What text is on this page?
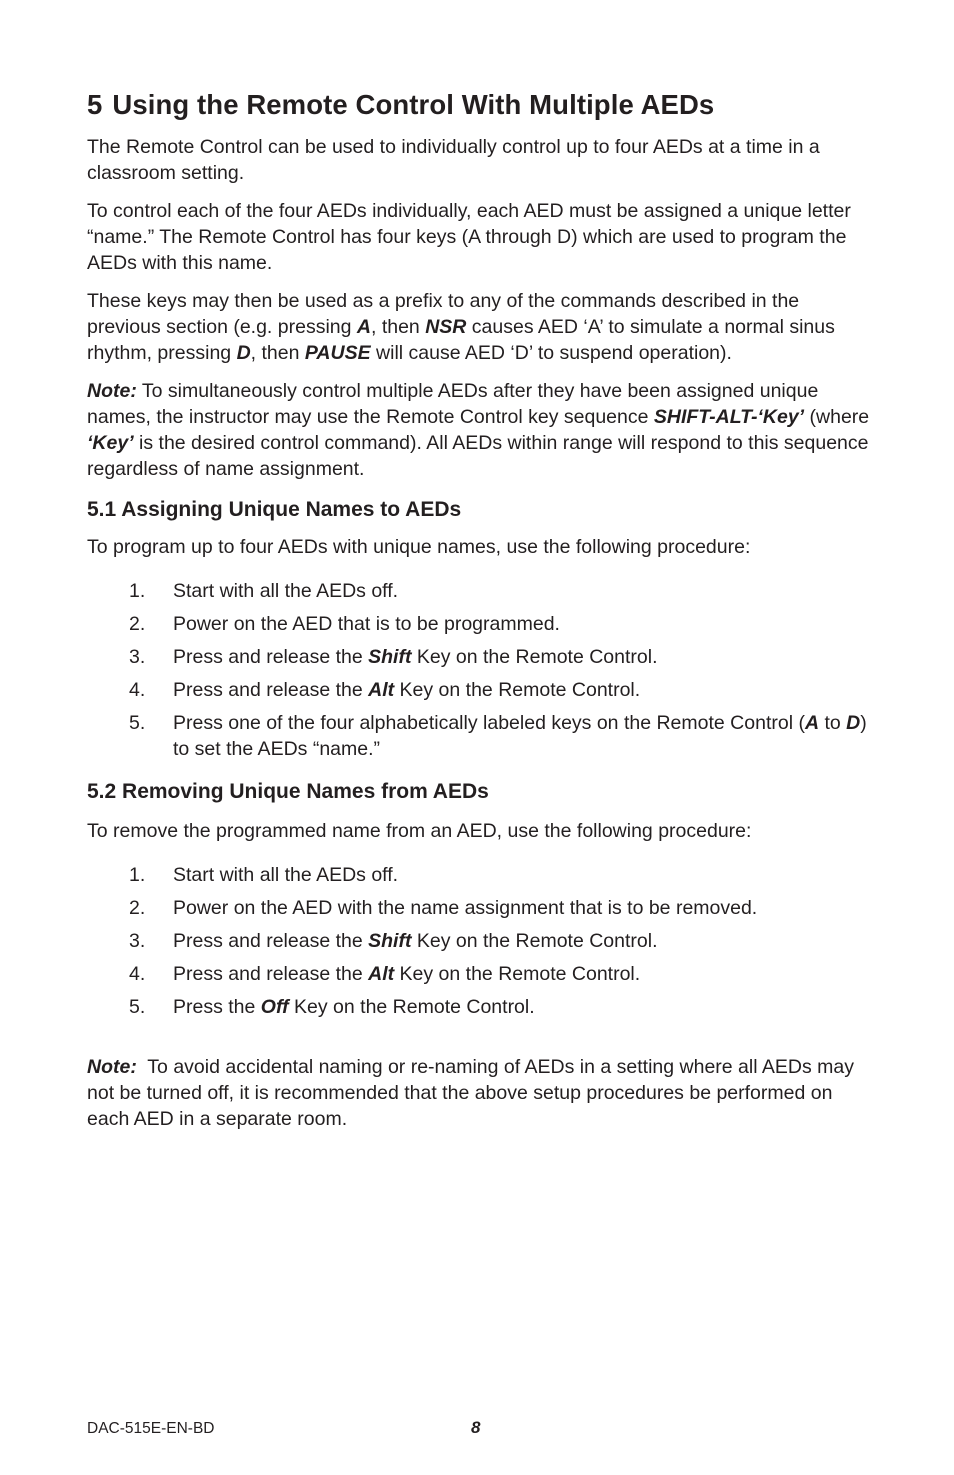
5 Using the Remote Control With Multiple AEDs

The Remote Control can be used to individually control up to four AEDs at a time in a classroom setting.

To control each of the four AEDs individually, each AED must be assigned a unique letter “name.” The Remote Control has four keys (A through D) which are used to program the AEDs with this name.

These keys may then be used as a prefix to any of the commands described in the previous section (e.g. pressing A, then NSR causes AED ‘A’ to simulate a normal sinus rhythm, pressing D, then PAUSE will cause AED ‘D’ to suspend operation).

Note: To simultaneously control multiple AEDs after they have been assigned unique names, the instructor may use the Remote Control key sequence SHIFT-ALT-‘Key’ (where ‘Key’ is the desired control command). All AEDs within range will respond to this sequence regardless of name assignment.

5.1 Assigning Unique Names to AEDs

To program up to four AEDs with unique names, use the following procedure:

1. Start with all the AEDs off.
2. Power on the AED that is to be programmed.
3. Press and release the Shift Key on the Remote Control.
4. Press and release the Alt Key on the Remote Control.
5. Press one of the four alphabetically labeled keys on the Remote Control (A to D) to set the AEDs “name.”
5.2 Removing Unique Names from AEDs

To remove the programmed name from an AED, use the following procedure:

1. Start with all the AEDs off.
2. Power on the AED with the name assignment that is to be removed.
3. Press and release the Shift Key on the Remote Control.
4. Press and release the Alt Key on the Remote Control.
5. Press the Off Key on the Remote Control.

Note:  To avoid accidental naming or re-naming of AEDs in a setting where all AEDs may not be turned off, it is recommended that the above setup procedures be performed on each AED in a separate room.

DAC-515E-EN-BD	8
